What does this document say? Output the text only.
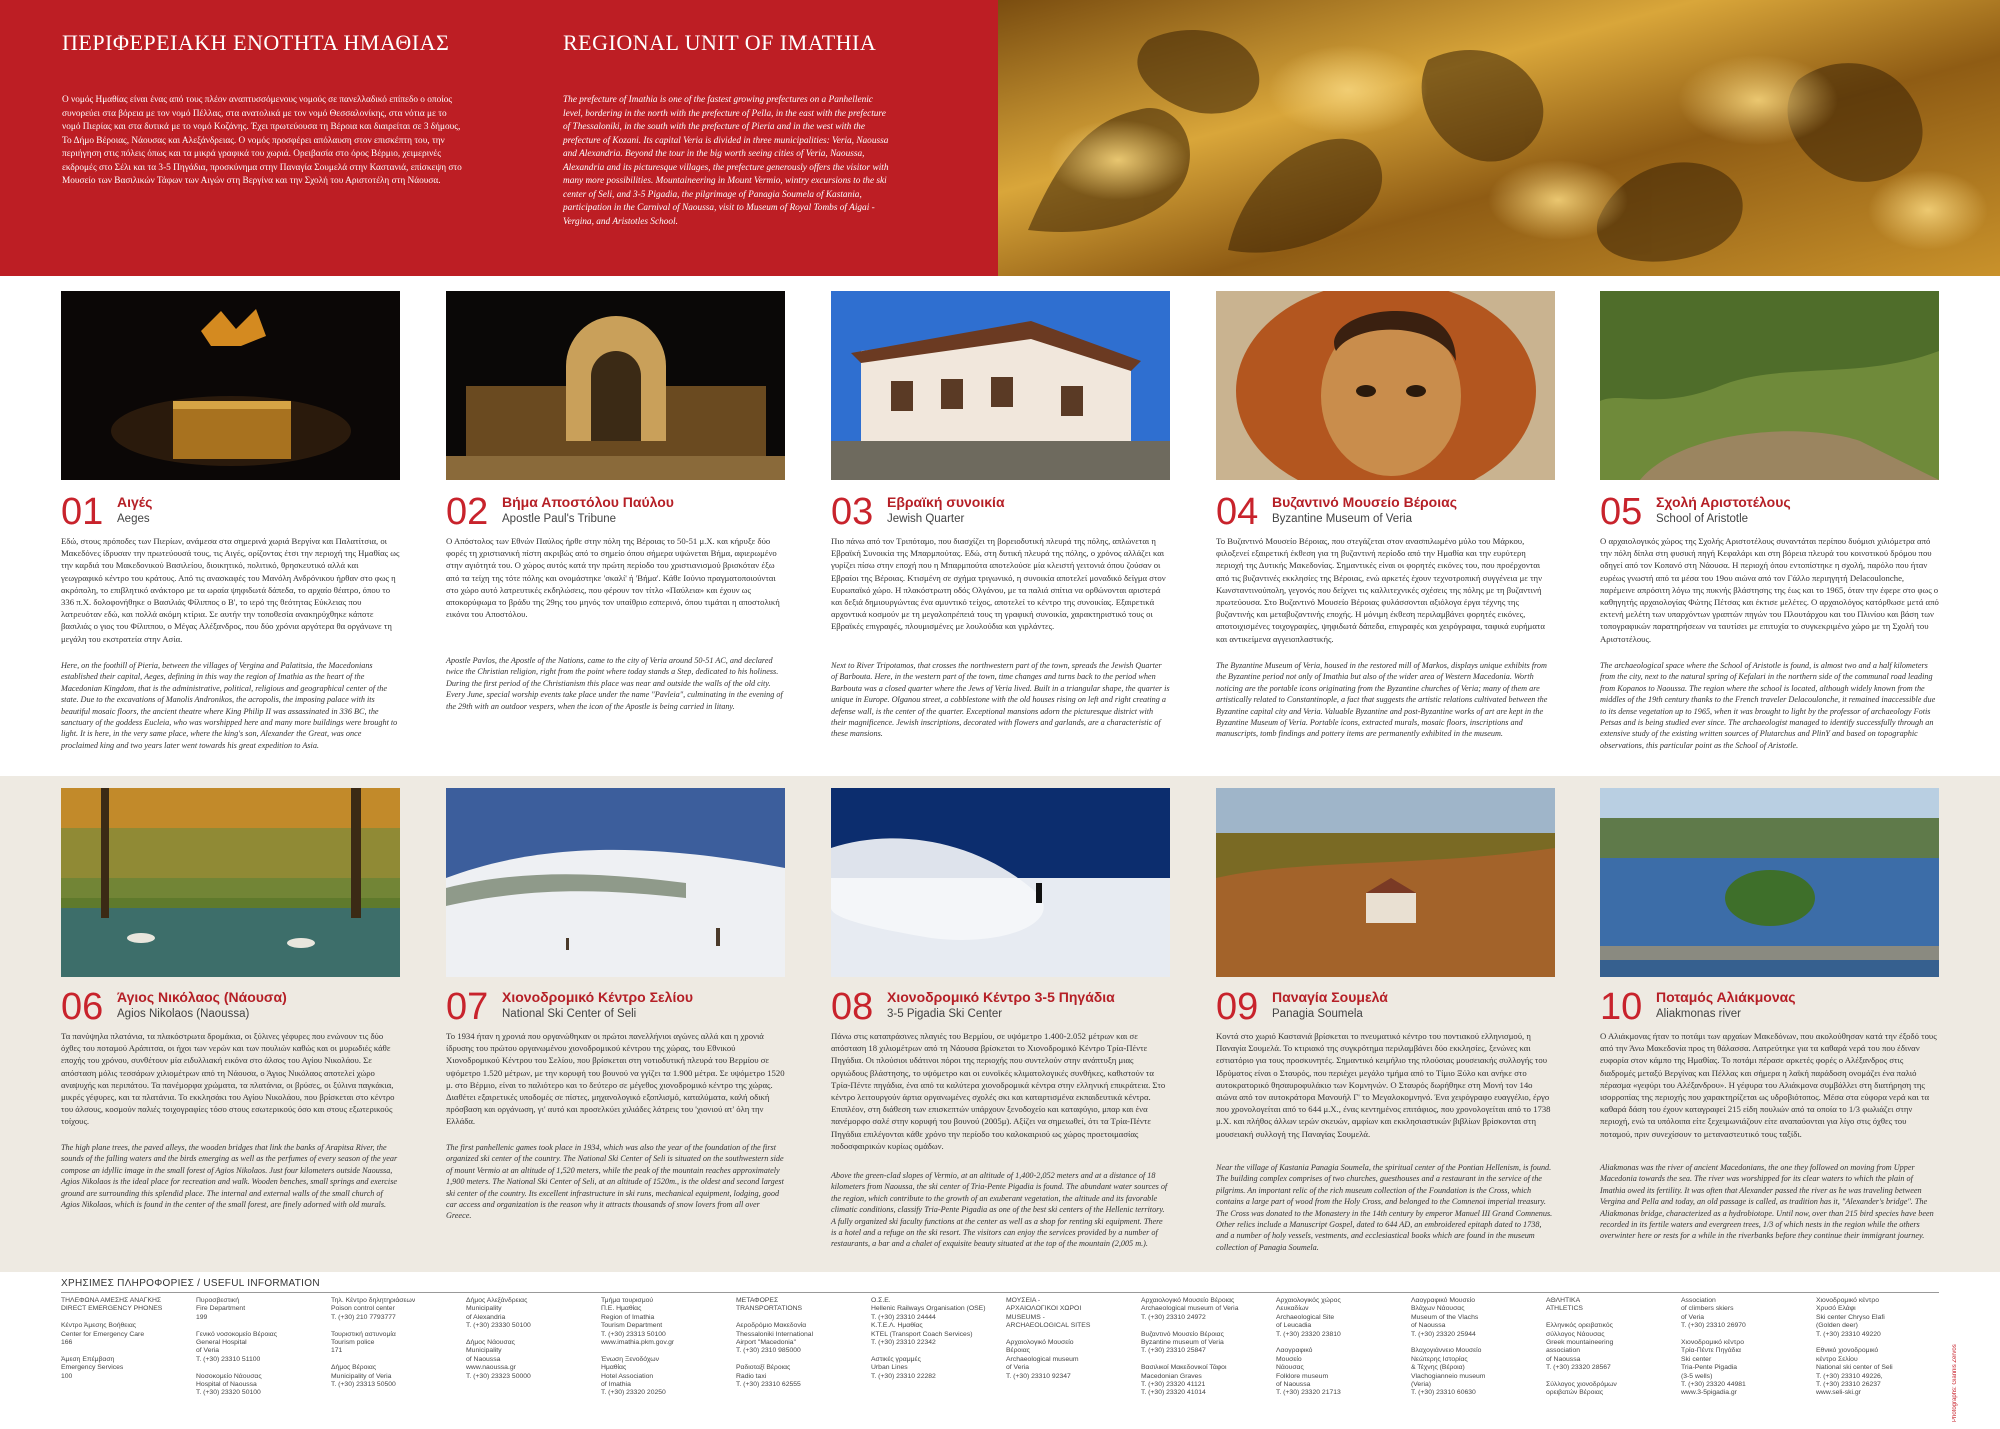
ΠΕΡΙΦΕΡΕΙΑΚΗ ΕΝΟΤΗΤΑ ΗΜΑΘΙΑΣ	REGIONAL UNIT OF IMATHIA
Ο νομός Ημαθίας είναι ένας από τους πλέον αναπτυσσόμενους νομούς σε πανελλαδικό επίπεδο ο οποίος συνορεύει στα βόρεια με τον νομό Πέλλας, στα ανατολικά με τον νομό Θεσσαλονίκης, στα νότια με το νομό Πιερίας και στα δυτικά με το νομό Κοζάνης. Έχει πρωτεύουσα τη Βέροια και διαιρείται σε 3 δήμους, Το Δήμο Βέροιας, Νάουσας και Αλεξάνδρειας. Ο νομός προσφέρει απόλαυση στον επισκέπτη του, την περιήγηση στις πόλεις όπως και τα μικρά γραφικά του χωριά. Ορειβασία στο όρος Βέρμιο, χειμερινές εκδρομές στο Σέλι και τα 3-5 Πηγάδια, προσκύνημα στην Παναγία Σουμελά στην Καστανιά, επίσκεψη στο Μουσείο των Βασιλικών Τάφων των Αιγών στη Βεργίνα και την Σχολή του Αριστοτέλη στη Νάουσα.
The prefecture of Imathia is one of the fastest growing prefectures on a Panhellenic level, bordering in the north with the prefecture of Pella, in the east with the prefecture of Thessaloniki, in the south with the prefecture of Pieria and in the west with the prefecture of Kozani. Its capital Veria is divided in three municipalities: Veria, Naoussa and Alexandria. Beyond the tour in the big worth seeing cities of Veria, Naoussa, Alexandria and its picturesque villages, the prefecture generously offers the visitor with many more possibilities. Mountaineering in Mount Vermio, wintry excursions to the ski center of Seli, and 3-5 Pigadia, the pilgrimage of Panagia Soumela of Kastania, participation in the Carnival of Naoussa, visit to Museum of Royal Tombs of Aigai - Vergina, and Aristotles School.
01 Αιγές
Aeges
Εδώ, στους πρόποδες των Πιερίων, ανάμεσα στα σημερινά χωριά Βεργίνα και Παλατίτσια, οι Μακεδόνες ίδρυσαν την πρωτεύουσά τους, τις Αιγές, ορίζοντας έτσι την περιοχή της Ημαθίας ως την καρδιά του Μακεδονικού Βασιλείου, διοικητικό, πολιτικό, θρησκευτικό αλλά και γεωγραφικό κέντρο του κράτους. Από τις ανασκαφές του Μανόλη Ανδρόνικου ήρθαν στο φως η ακρόπολη, το επιβλητικό ανάκτορο με τα ωραία ψηφιδωτά δάπεδα, το αρχαίο θέατρο, όπου το 336 π.Χ. δολοφονήθηκε ο Βασιλιάς Φίλιππος ο Β', το ιερό της θεότητας Εύκλειας που λατρευόταν εδώ, και πολλά ακόμη κτίρια. Σε αυτήν την τοποθεσία ανακηρύχθηκε κάποτε βασιλιάς ο γιος του Φίλιππου, ο Μέγας Αλέξανδρος, που δύο χρόνια αργότερα θα οργάνωνε τη μεγάλη του εκστρατεία στην Ασία.
Here, on the foothill of Pieria, between the villages of Vergina and Palatitsia, the Macedonians established their capital, Aeges, defining in this way the region of Imathia as the heart of the Macedonian Kingdom, that is the administrative, political, religious and geographical center of the state. Due to the excavations of Manolis Andronikos, the acropolis, the imposing palace with its beautiful mosaic floors, the ancient theatre where King Philip II was assassinated in 336 BC, the sanctuary of the goddess Eucleia, who was worshipped here and many more buildings were brought to light. It is here, in the very same place, where the king's son, Alexander the Great, was once proclaimed king and two years later went towards his great expedition to Asia.
02 Βήμα Αποστόλου Παύλου
Apostle Paul's Tribune
Ο Απόστολος των Εθνών Παύλος ήρθε στην πόλη της Βέροιας το 50-51 μ.Χ. και κήρυξε δύο φορές τη χριστιανική πίστη ακριβώς από το σημείο όπου σήμερα υψώνεται Βήμα, αφιερωμένο στην αγιότητά του. Ο χώρος αυτός κατά την πρώτη περίοδο του χριστιανισμού βρισκόταν έξω από τα τείχη της τότε πόλης και ονομάστηκε 'σκαλί' ή 'Βήμα'. Κάθε Ιούνιο πραγματοποιούνται στο χώρο αυτό λατρευτικές εκδηλώσεις, που φέρουν τον τίτλο «Παύλεια» και έχουν ως αποκορύφωμα το βράδυ της 29ης του μηνός τον υπαίθριο εσπερινό, όπου τιμάται η αποστολική εικόνα του Αποστόλου.
Apostle Pavlos, the Apostle of the Nations, came to the city of Veria around 50-51 AC, and declared twice the Christian religion, right from the point where today stands a Step, dedicated to his holiness. During the first period of the Christianism this place was near and outside the walls of the old city. Every June, special worship events take place under the name "Pavleia", culminating in the evening of the 29th with an outdoor vespers, when the icon of the Apostle is being carried in litany.
03 Εβραϊκή συνοικία
Jewish Quarter
Πιο πάνω από τον Τριπόταμο, που διασχίζει τη βορειοδυτική πλευρά της πόλης, απλώνεται η Εβραϊκή Συνοικία της Μπαρμπούτας. Εδώ, στη δυτική πλευρά της πόλης, ο χρόνος αλλάζει και γυρίζει πίσω στην εποχή που η Μπαρμπούτα αποτελούσε μία κλειστή γειτονιά όπου ζούσαν οι Εβραίοι της Βέροιας. Κτισμένη σε σχήμα τριγωνικό, η συνοικία αποτελεί μοναδικό δείγμα στον Ευρωπαϊκό χώρο. Η πλακόστρωτη οδός Ολγάνου, με τα παλιά σπίτια να ορθώνονται αριστερά και δεξιά δημιουργώντας ένα αμυντικό τείχος, αποτελεί το κέντρο της συνοικίας. Εξαιρετικά αρχοντικά κοσμούν με τη μεγαλοπρέπειά τους τη γραφική συνοικία, χαρακτηριστικό τους οι Εβραϊκές επιγραφές, πλουμισμένες με λουλούδια και γιρλάντες.
Next to River Tripotamos, that crosses the northwestern part of the town, spreads the Jewish Quarter of Barbouta. Here, in the western part of the town, time changes and turns back to the period when Barbouta was a closed quarter where the Jews of Veria lived. Built in a triangular shape, the quarter is unique in Europe. Olganou street, a cobblestone with the old houses rising on left and right creating a defense wall, is the center of the quarter. Exceptional mansions adorn the picturesque district with their magnificence. Jewish inscriptions, decorated with flowers and garlands, are a characteristic of these mansions.
04 Βυζαντινό Μουσείο Βέροιας
Byzantine Museum of Veria
Το Βυζαντινό Μουσείο Βέροιας, που στεγάζεται στον ανασπιλωμένο μύλο του Μάρκου, φιλοξενεί εξαιρετική έκθεση για τη βυζαντινή περίοδο από την Ημαθία και την ευρύτερη περιοχή της Δυτικής Μακεδονίας. Σημαντικές είναι οι φορητές εικόνες του, που προέρχονται από τις βυζαντινές εκκλησίες της Βέροιας, ενώ αρκετές έχουν τεχνοτροπική συγγένεια με την Κωνσταντινούπολη, γεγονός που δείχνει τις καλλιτεχνικές σχέσεις της πόλης με τη βυζαντινή πρωτεύουσα. Στο Βυζαντινό Μουσείο Βέροιας φυλάσσονται αξιόλογα έργα τέχνης της βυζαντινής και μεταβυζαντινής εποχής. Η μόνιμη έκθεση περιλαμβάνει φορητές εικόνες, αποτοιχισμένες τοιχογραφίες, ψηφιδωτά δάπεδα, επιγραφές και χειρόγραφα, ταφικά ευρήματα και αντικείμενα αγγειοπλαστικής.
The Byzantine Museum of Veria, housed in the restored mill of Markos, displays unique exhibits from the Byzantine period not only of Imathia but also of the wider area of Western Macedonia. Worth noticing are the portable icons originating from the Byzantine churches of Veria; many of them are artistically related to Constantinople, a fact that suggests the artistic relations cultivated between the Byzantine capital city and Veria. Valuable Byzantine and post-Byzantine works of art are kept in the Byzantine Museum of Veria. Portable icons, extracted murals, mosaic floors, inscriptions and manuscripts, tomb findings and pottery items are permanently exhibited in the museum.
05 Σχολή Αριστοτέλους
School of Aristotle
Ο αρχαιολογικός χώρος της Σχολής Αριστοτέλους συναντάται περίπου δυόμισι χιλιόμετρα από την πόλη δίπλα στη φυσική πηγή Κεφαλάρι και στη βόρεια πλευρά του κοινοτικού δρόμου που οδηγεί από τον Κοπανό στη Νάουσα. Η περιοχή όπου εντοπίστηκε η σχολή, παρόλο που ήταν ευρέως γνωστή από τα μέσα του 19ου αιώνα από τον Γάλλο περιηγητή Delacoulonche, παρέμεινε απρόσιτη λόγω της πυκνής βλάστησης της έως και το 1965, όταν την έφερε στο φως ο καθηγητής αρχαιολογίας Φώτης Πέτσας και έκτισε μελέτες. Ο αρχαιολόγος κατόρθωσε μετά από εκτενή μελέτη των υπαρχόντων γραπτών πηγών του Πλουτάρχου και του Πλινίου και βάση των τοπογραφικών παρατηρήσεων να ταυτίσει με επιτυχία το συγκεκριμένο χώρο με τη Σχολή του Αριστοτέλους.
The archaeological space where the School of Aristotle is found, is almost two and a half kilometers from the city, next to the natural spring of Kefalari in the northern side of the communal road leading from Kopanos to Naoussa. The region where the school is located, although widely known from the middles of the 19th century thanks to the French traveler Delacoulonche, it remained inaccessible due to its dense vegetation up to 1965, when it was brought to light by the professor of archaeology Fotis Petsas and is being studied ever since. The archaeologist managed to identify successfully through an extensive study of the existing written sources of Plutarchus and PlinY and based on topographic observations, this particular point as the School of Aristotle.
06 Άγιος Νικόλαος (Νάουσα)
Agios Nikolaos (Naoussa)
Τα πανύψηλα πλατάνια, τα πλακόστρωτα δρομάκια, οι ξύλινες γέφυρες που ενώνουν τις δύο όχθες του ποταμού Αράπιτσα, οι ήχοι των νερών και των πουλιών καθώς και οι μυρωδιές κάθε εποχής του χρόνου, συνθέτουν μία ειδυλλιακή εικόνα στο άλσος του Αγίου Νικολάου. Σε απόσταση μόλις τεσσάρων χιλιομέτρων από τη Νάουσα, ο Άγιος Νικόλαος αποτελεί χώρο αναψυχής και περιπάτου. Τα πανέμορφα χρώματα, τα πλατάνια, οι βρύσες, οι ξύλινα παγκάκια, μικρές γέφυρες, και τα πλατάνια. Το εκκλησάκι του Αγίου Νικολάου, που βρίσκεται στο κέντρο του άλσους, κοσμούν παλιές τοιχογραφίες τόσο στους εσωτερικούς όσο και στους εξωτερικούς τοίχους.
The high plane trees, the paved alleys, the wooden bridges that link the banks of Arapitsa River, the sounds of the falling waters and the birds emerging as well as the perfumes of every season of the year compose an idyllic image in the small forest of Agios Nikolaos. Just four kilometers outside Naoussa, Agios Nikolaos is the ideal place for recreation and walk. Wooden benches, small springs and exercise ground are surrounding this splendid place. The internal and external walls of the small church of Agios Nikolaos, which is found in the center of the small forest, are finely adorned with old murals.
07 Χιονοδρομικό Κέντρο Σελίου
National Ski Center of Seli
Το 1934 ήταν η χρονιά που οργανώθηκαν οι πρώτοι πανελλήνιοι αγώνες αλλά και η χρονιά ίδρυσης του πρώτου οργανωμένου χιονοδρομικού κέντρου της χώρας, του Εθνικού Χιονοδρομικού Κέντρου του Σελίου, που βρίσκεται στη νοτιοδυτική πλευρά του Βερμίου σε υψόμετρο 1.520 μέτρων, με την κορυφή του βουνού να γγίζει τα 1.900 μέτρα. Σε υψόμετρο 1520 μ. στο Βέρμιο, είναι το παλιότερο και το δεύτερο σε μέγεθος χιονοδρομικό κέντρο της χώρας. Διαθέτει εξαιρετικές υποδομές σε πίστες, μηχανολογικό εξοπλισμό, καταλύματα, καλή οδική πρόσβαση και οργάνωση, γι' αυτό και προσελκύει χιλιάδες λάτρεις του 'χιονιού ατ' όλη την Ελλάδα.
The first panhellenic games took place in 1934, which was also the year of the foundation of the first organized ski center of the country. The National Ski Center of Seli is situated on the southwestern side of mount Vermio at an altitude of 1,520 meters, while the peak of the mountain reaches approximately 1,900 meters. The National Ski Center of Seli, at an altitude of 1520m., is the oldest and second largest ski center of the country. Its excellent infrastructure in ski runs, mechanical equipment, lodging, good car access and organization is the reason why it attracts thousands of snow lovers from all over Greece.
08 Χιονοδρομικό Κέντρο 3-5 Πηγάδια
3-5 Pigadia Ski Center
Πάνω στις καταπράσινες πλαγιές του Βερμίου, σε υψόμετρο 1.400-2.052 μέτρων και σε απόσταση 18 χιλιομέτρων από τη Νάουσα βρίσκεται το Χιονοδρομικό Κέντρο Τρία-Πέντε Πηγάδια. Οι πλούσιοι υδάτινοι πόροι της περιοχής που συντελούν στην ανάπτυξη μιας οργιώδους βλάστησης, το υψόμετρο και οι ευνοϊκές κλιματολογικές συνθήκες, καθιστούν τα Τρία-Πέντε πηγάδια, ένα από τα καλύτερα χιονοδρομικά κέντρα στην ελληνική επικράτεια. Στο κέντρο λειτουργούν άρτια οργανωμένες σχολές σκι και καταρτισμένα εκπαιδευτικά κέντρα. Επιπλέον, στη διάθεση των επισκεπτών υπάρχουν ξενοδοχείο και καταφύγιο, μπαρ και ένα πανέμορφο σαλέ στην κορυφή του βουνού (2005μ). Αξίζει να σημειωθεί, ότι τα Τρία-Πέντε Πηγάδια επιλέγονται κάθε χρόνο την περίοδο του καλοκαιριού ως χώρος προετοιμασίας ποδοσφαιρικών κυρίως ομάδων.
Above the green-clad slopes of Vermio, at an altitude of 1,400-2,052 meters and at a distance of 18 kilometers from Naoussa, the ski center of Tria-Pente Pigadia is found. The abundant water sources of the region, which contribute to the growth of an exuberant vegetation, the altitude and its favorable climatic conditions, classify Tria-Pente Pigadia as one of the best ski centers of the Hellenic territory. A fully organized ski faculty functions at the center as well as a shop for renting ski equipment. There is a hotel and a refuge on the ski resort. The visitors can enjoy the services provided by a number of restaurants, a bar and a chalet of exquisite beauty situated at the top of the mountain (2,005 m.).
09 Παναγία Σουμελά
Panagia Soumela
Κοντά στο χωριό Καστανιά βρίσκεται το πνευματικό κέντρο του ποντιακού ελληνισμού, η Παναγία Σουμελά. Το κτιριακό της συγκρότημα περιλαμβάνει δύο εκκλησίες, ξενώνες και εστιατόριο για τους προσκυνητές. Σημαντικό κειμήλιο της πλούσιας μουσειακής συλλογής του Ιδρύματος είναι ο Σταυρός, που περιέχει μεγάλο τμήμα από το Τίμιο Ξύλο και ανήκε στο αυτοκρατορικό θησαυροφυλάκιο των Κομνηνών. Ο Σταυρός δωρήθηκε στη Μονή τον 14ο αιώνα από τον αυτοκράτορα Μανουήλ Γ' το Μεγαλοκομνηνό. Ένα χειρόγραφο ευαγγέλιο, έργο που χρονολογείται από το 644 μ.Χ., ένας κεντημένος επιτάφιος, που χρονολογείται από το 1738 μ.Χ. και πλήθος άλλων ιερών σκευών, αμφίων και εκκλησιαστικών βιβλίων βρίσκονται στη μουσειακή συλλογή της Παναγίας Σουμελά.
Near the village of Kastania Panagia Soumela, the spiritual center of the Pontian Hellenism, is found. The building complex comprises of two churches, guesthouses and a restaurant in the service of the pilgrims. An important relic of the rich museum collection of the Foundation is the Cross, which contains a large part of wood from the Holy Cross, and belonged to the Comnenoi imperial treasury. The Cross was donated to the Monastery in the 14th century by emperor Manuel III Grand Comnenus. Other relics include a Manuscript Gospel, dated to 644 AD, an embroidered epitaph dated to 1738, and a number of holy vessels, vestments, and ecclesiastical books which are found in the museum collection of Panagia Soumela.
10 Ποταμός Αλιάκμονας
Aliakmonas river
Ο Αλιάκμονας ήταν το ποτάμι των αρχαίων Μακεδόνων, που ακολούθησαν κατά την έξοδό τους από την Άνω Μακεδονία προς τη θάλασσα. Λατρεύτηκε για τα καθαρά νερά του που έδιναν ευφορία στον κάμπο της Ημαθίας. Το ποτάμι πέρασε αρκετές φορές ο Αλέξανδρος στις διαδρομές μεταξύ Βεργίνας και Πέλλας και σήμερα η λαϊκή παράδοση ονομάζει ένα παλιό πέρασμα «γεφύρι του Αλέξανδρου». Η γέφυρα του Αλιάκμονα συμβάλλει στη διατήρηση της ισορροπίας της περιοχής που χαρακτηρίζεται ως υδροβιότοπος. Μέσα στα εύφορα νερά και τα καθαρά δάση του έχουν καταγραφεί 215 είδη πουλιών από τα οποία το 1/3 φωλιάζει στην περιοχή, ενώ τα υπόλοιπα είτε ξεχειμωνιάζουν είτε αναπαύονται για λίγο στις όχθες του ποταμού, πριν συνεχίσουν το μεταναστευτικό τους ταξίδι.
Aliakmonas was the river of ancient Macedonians, the one they followed on moving from Upper Macedonia towards the sea. The river was worshipped for its clear waters to which the plain of Imathia owed its fertility. It was often that Alexander passed the river as he was traveling between Vergina and Pella and today, an old passage is called, as tradition has it, "Alexander's bridge". The Aliakmonas bridge, characterized as a hydrobiotope. Until now, over than 215 bird species have been recorded in its fertile waters and evergreen trees, 1/3 of which nests in the region while the others overwinter here or rests for a while in the riverbanks before they continue their immigrant journey.
ΧΡΗΣΙΜΕΣ ΠΛΗΡΟΦΟΡΙΕΣ / USEFUL INFORMATION
ΤΗΛΕΦΩΝΑ ΑΜΕΣΗΣ ΑΝΑΓΚΗΣ
DIRECT EMERGENCY PHONES

Κέντρο Άμεσης Βοήθειας
Center for Emergency Care
166

Άμεση Επέμβαση
Emergency Services
100
Πυροσβεστική
Fire Department
199

Γενικό νοσοκομείο Βέροιας
General Hospital
of Veria
T. (+30) 23310 51100

Νοσοκομείο Νάουσας
Hospital of Naoussa
T. (+30) 23320 50100
Τηλ. Κέντρο δηλητηριάσεων
Poison control center
T. (+30) 210 7793777

Τουριστική αστυνομία
Tourism police
171

Δήμος Βέροιας
Municipality of Veria
T. (+30) 23313 50500
Δήμος Αλεξάνδρειας
Municipality
of Alexandria
T. (+30) 23330 50100

Δήμος Νάουσας
Municipality
of Naoussa
www.naoussa.gr
T. (+30) 23323 50000
Τμήμα τουρισμού
Π.Ε. Ημαθίας
Region of Imathia
Tourism Department
T. (+30) 23313 50100
www.imathia.pkm.gov.gr

Ένωση Ξενοδόχων
Ημαθίας
Hotel Association
of Imathia
T. (+30) 23320 20250
ΜΕΤΑΦΟΡΕΣ
TRANSPORTATIONS

Αεροδρόμιο Μακεδονία
Thessaloniki International
Airport "Macedonia"
T. (+30) 2310 985000

Ραδιοταξί Βέροιας
Radio taxi
T. (+30) 23310 62555
Ο.Σ.Ε.
Hellenic Railways Organisation (OSE)
T. (+30) 23310 24444
Κ.Τ.Ε.Λ. Ημαθίας
KTEL (Transport Coach Services)
T. (+30) 23310 22342

Αστικές γραμμές
Urban Lines
T. (+30) 23310 22282
ΜΟΥΣΕΙΑ -
ΑΡΧΑΙΟΛΟΓΙΚΟΙ ΧΩΡΟΙ
MUSEUMS -
ARCHAEOLOGICAL SITES

Αρχαιολογικό Μουσείο
Βέροιας
Archaeological museum
of Veria
T. (+30) 23310 92347
Αρχαιολογικό Μουσείο Βέροιας
Archaeological museum of Veria
T. (+30) 23310 24972

Βυζαντινό Μουσείο Βέροιας
Byzantine museum of Veria
T. (+30) 23310 25847

Βασιλικοί Μακεδονικοί Τάφοι
Macedonian Graves
T. (+30) 23320 41121
T. (+30) 23320 41014
Αρχαιολογικός χώρος
Λευκαδίων
Archaeological Site
of Leucadia
T. (+30) 23320 23810

Λαογραφικό
Μουσείο
Νάουσας
Folklore museum
of Naoussa
T. (+30) 23320 21713
Λαογραφικό Μουσείο
Βλάχων Νάουσας
Museum of the Vlachs
of Naoussa
T. (+30) 23320 25944

Βλαχογιάννειο Μουσείο
Νεώτερης Ιστορίας
& Τέχνης (Βέροια)
Vlachogianneio museum
(Veria)
T. (+30) 23310 60630
ΑΘΛΗΤΙΚΑ
ATHLETICS

Ελληνικός ορειβατικός
σύλλογος Νάουσας
Greek mountaineering
association
of Naoussa
T. (+30) 23320 28567

Σύλλογος χιονοδρόμων
ορειβατών Βέροιας
Association
of climbers skiers
of Veria
T. (+30) 23310 26970

Χιονοδρομικό κέντρο
Τρία-Πέντε Πηγάδια
Ski center
Tria-Pente Pigadia
(3-5 wells)
T. (+30) 23320 44981
www.3-5pigadia.gr
Χιονοδρομικό κέντρο
Χρυσό Ελάφι
Ski center Chryso Elafi
(Golden deer)
T. (+30) 23310 49220

Εθνικό χιονοδρομικό
κέντρο Σελίου
National ski center of Seli
T. (+30) 23310 49226,
T. (+30) 23310 26237
www.seli-ski.gr	Photographs: Giannis Zervos
